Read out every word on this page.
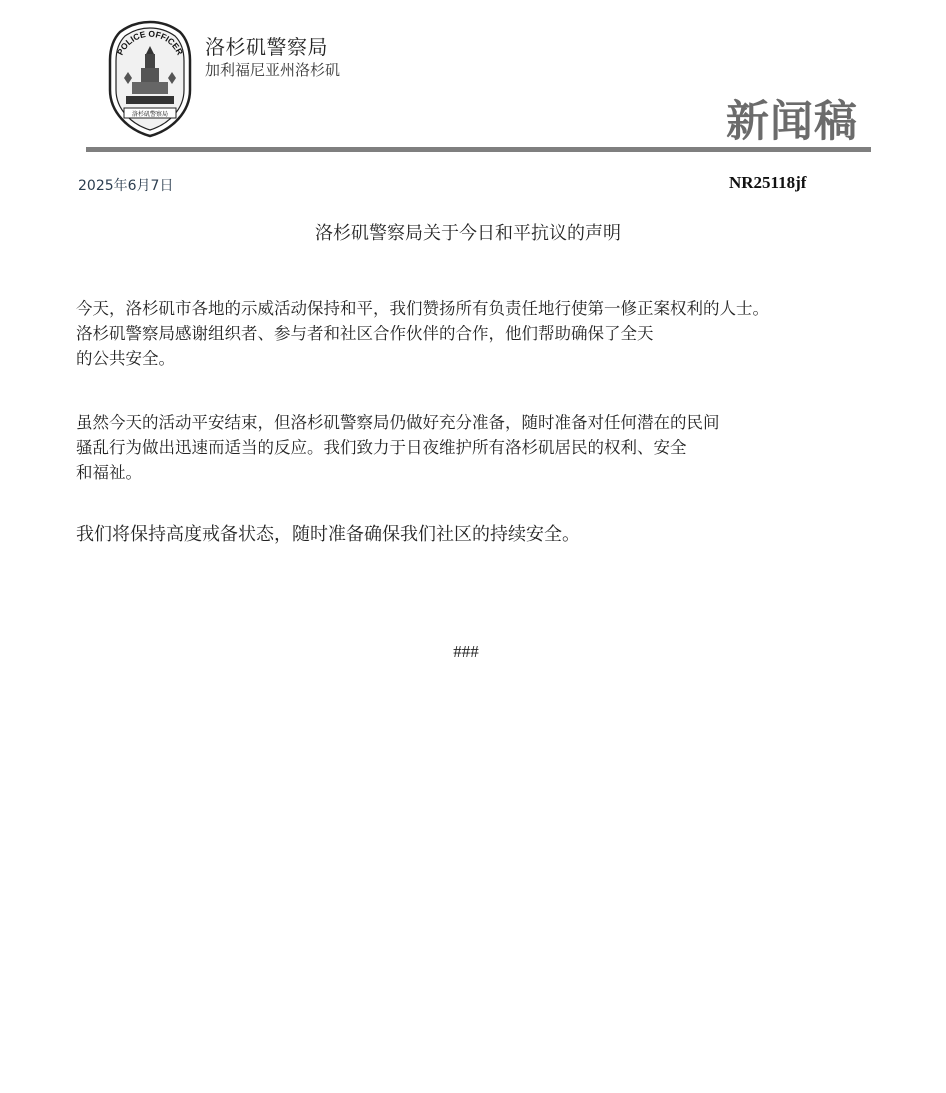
POLICE OFFICER
洛杉矶警察局
洛杉矶警察局
加利福尼亚州洛杉矶
新闻稿
2025年6月7日	NR25118jf
洛杉矶警察局关于今日和平抗议的声明
今天，洛杉矶市各地的示威活动保持和平，我们赞扬所有负责任地行使第一修正案权利的人士。
洛杉矶警察局感谢组织者、参与者和社区合作伙伴的合作，他们帮助确保了全天
的公共安全。
虽然今天的活动平安结束，但洛杉矶警察局仍做好充分准备，随时准备对任何潜在的民间
骚乱行为做出迅速而适当的反应。我们致力于日夜维护所有洛杉矶居民的权利、安全
和福祉。
我们将保持高度戒备状态，随时准备确保我们社区的持续安全。
###
